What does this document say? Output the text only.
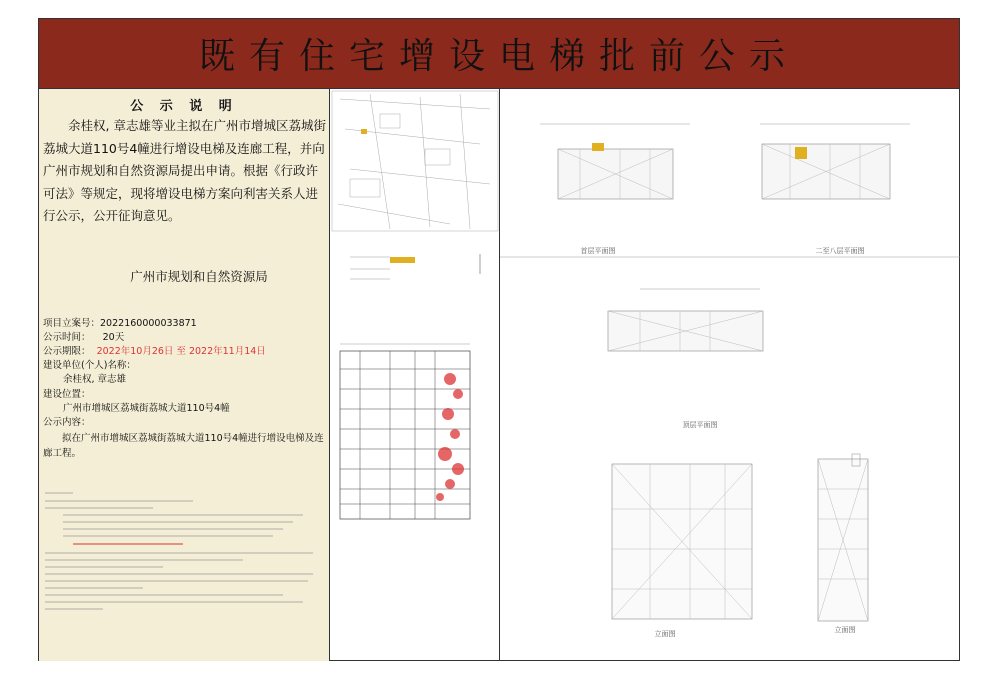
既有住宅增设电梯批前公示
公 示 说 明
余桂权, 章志雄等业主拟在广州市增城区荔城街荔城大道110号4幢进行增设电梯及连廊工程，并向广州市规划和自然资源局提出申请。根据《行政许可法》等规定，现将增设电梯方案向利害关系人进行公示，公开征询意见。
广州市规划和自然资源局
项目立案号：2022160000033871
公示时间： 20天
公示期限： 2022年10月26日 至 2022年11月14日
建设单位(个人)名称：
余桂权, 章志雄
建设位置：
广州市增城区荔城街荔城大道110号4幢
公示内容：
拟在广州市增城区荔城街荔城大道110号4幢进行增设电梯及连廊工程。
首层平面图	二至八层平面图
顶层平面图
立面图	立面图
